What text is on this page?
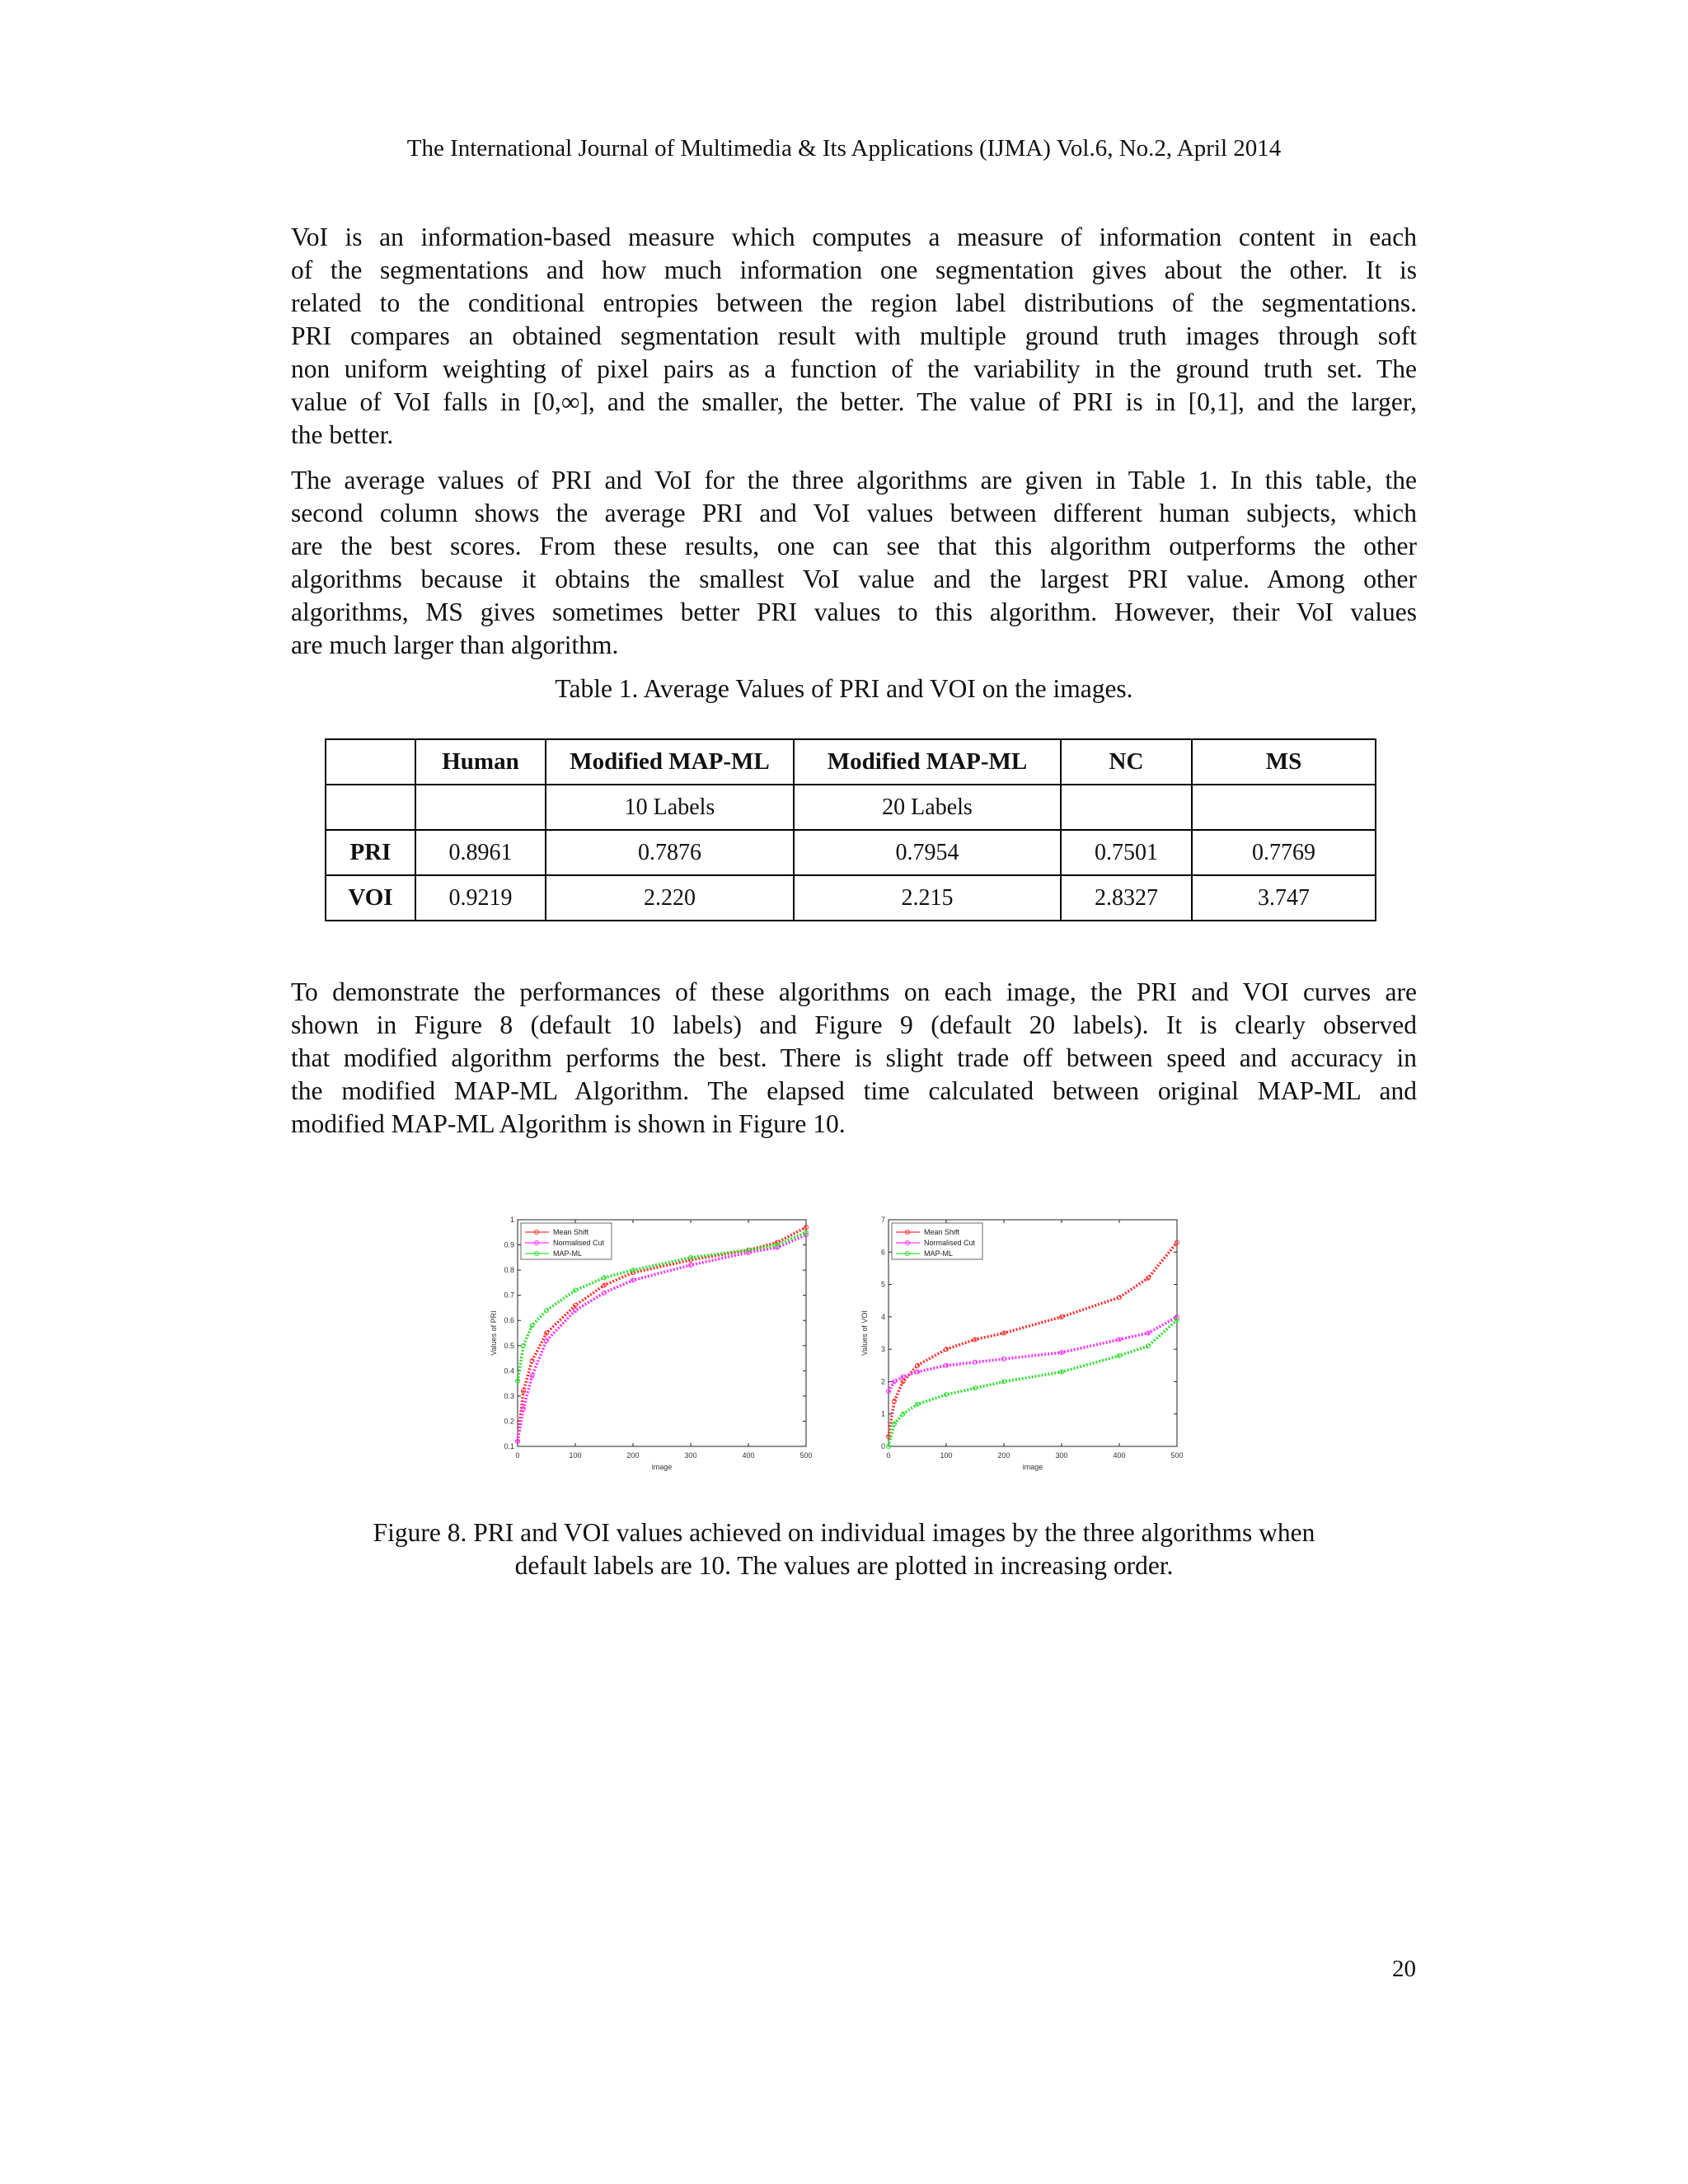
The International Journal of Multimedia & Its Applications (IJMA) Vol.6, No.2, April 2014

VoI is an information-based measure which computes a measure of information content in each
of the segmentations and how much information one segmentation gives about the other. It is
related to the conditional entropies between the region label distributions of the segmentations.
PRI compares an obtained segmentation result with multiple ground truth images through soft
non uniform weighting of pixel pairs as a function of the variability in the ground truth set. The
value of VoI falls in [0,∞], and the smaller, the better. The value of PRI is in [0,1], and the larger,
the better.

The average values of PRI and VoI for the three algorithms are given in Table 1. In this table, the
second column shows the average PRI and VoI values between different human subjects, which
are the best scores. From these results, one can see that this algorithm outperforms the other
algorithms because it obtains the smallest VoI value and the largest PRI value. Among other
algorithms, MS gives sometimes better PRI values to this algorithm. However, their VoI values
are much larger than algorithm.

Table 1. Average Values of PRI and VOI on the images.
	Human	Modified MAP-ML	Modified MAP-ML	NC	MS
		10 Labels	20 Labels		
PRI	0.8961	0.7876	0.7954	0.7501	0.7769
VOI	0.9219	2.220	2.215	2.8327	3.747

To demonstrate the performances of these algorithms on each image, the PRI and VOI curves are
shown in Figure 8 (default 10 labels) and Figure 9 (default 20 labels). It is clearly observed
that modified algorithm performs the best. There is slight trade off between speed and accuracy in
the modified MAP-ML Algorithm. The elapsed time calculated between original MAP-ML and
modified MAP-ML Algorithm is shown in Figure 10.

0	100	200	300	400	500
0.1
0.2
0.3
0.4
0.5
0.6
0.7
0.8
0.9
1
image
Values of PRI
Mean Shift
Normalised Cut
MAP-ML
0	100	200	300	400	500
0
1
2
3
4
5
6
7
image
Values of VOI
Mean Shift
Normalised Cut
MAP-ML
Figure 8. PRI and VOI values achieved on individual images by the three algorithms when
default labels are 10. The values are plotted in increasing order.
20
